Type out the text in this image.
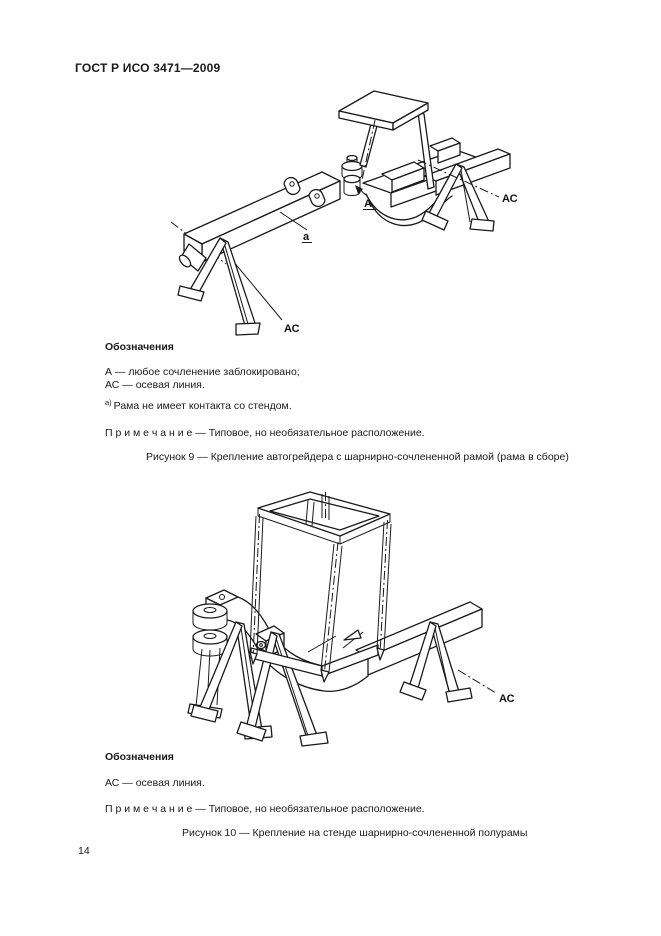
ГОСТ Р ИСО 3471—2009
А
а
АС
АС
Обозначения
А — любое сочленение заблокировано;
АС — осевая линия.
$^{а)}$ Рама не имеет контакта со стендом.
П р и м е ч а н и е — Типовое, но необязательное расположение.
Рисунок 9 — Крепление автогрейдера с шарнирно-сочлененной рамой (рама в сборе)
АС
Обозначения
АС — осевая линия.
П р и м е ч а н и е — Типовое, но необязательное расположение.
Рисунок 10 — Крепление на стенде шарнирно-сочлененной полурамы
14
